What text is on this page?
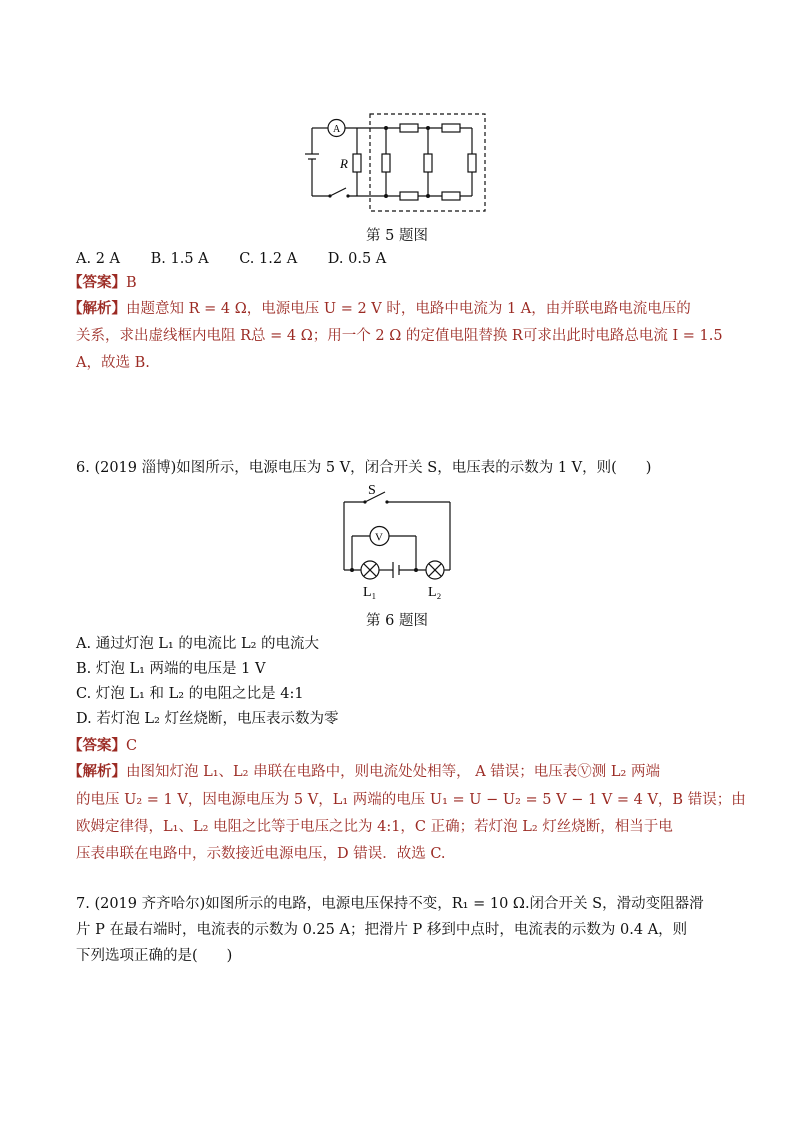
A
R
第 5 题图
A. 2 A B. 1.5 A C. 1.2 A D. 0.5 A
【答案】B
【解析】由题意知 R = 4 Ω，电源电压 U = 2 V 时，电路中电流为 1 A，由并联电路电流电压的
关系，求出虚线框内电阻 R总 = 4 Ω；用一个 2 Ω 的定值电阻替换 R可求出此时电路总电流 I = 1.5
A，故选 B.
6. (2019 淄博)如图所示，电源电压为 5 V，闭合开关 S，电压表的示数为 1 V，则(　　)
S
V
L₁	L₂
第 6 题图
A. 通过灯泡 L₁ 的电流比 L₂ 的电流大
B. 灯泡 L₁ 两端的电压是 1 V
C. 灯泡 L₁ 和 L₂ 的电阻之比是 4:1
D. 若灯泡 L₂ 灯丝烧断，电压表示数为零
【答案】C
【解析】由图知灯泡 L₁、L₂ 串联在电路中，则电流处处相等， A 错误；电压表Ⓥ测 L₂ 两端
的电压 U₂ = 1 V，因电源电压为 5 V，L₁ 两端的电压 U₁ = U − U₂ = 5 V − 1 V = 4 V，B 错误；由
欧姆定律得，L₁、L₂ 电阻之比等于电压之比为 4:1，C 正确；若灯泡 L₂ 灯丝烧断，相当于电
压表串联在电路中，示数接近电源电压，D 错误．故选 C.
7. (2019 齐齐哈尔)如图所示的电路，电源电压保持不变，R₁ = 10 Ω.闭合开关 S，滑动变阻器滑
片 P 在最右端时，电流表的示数为 0.25 A；把滑片 P 移到中点时，电流表的示数为 0.4 A，则
下列选项正确的是(　　)
